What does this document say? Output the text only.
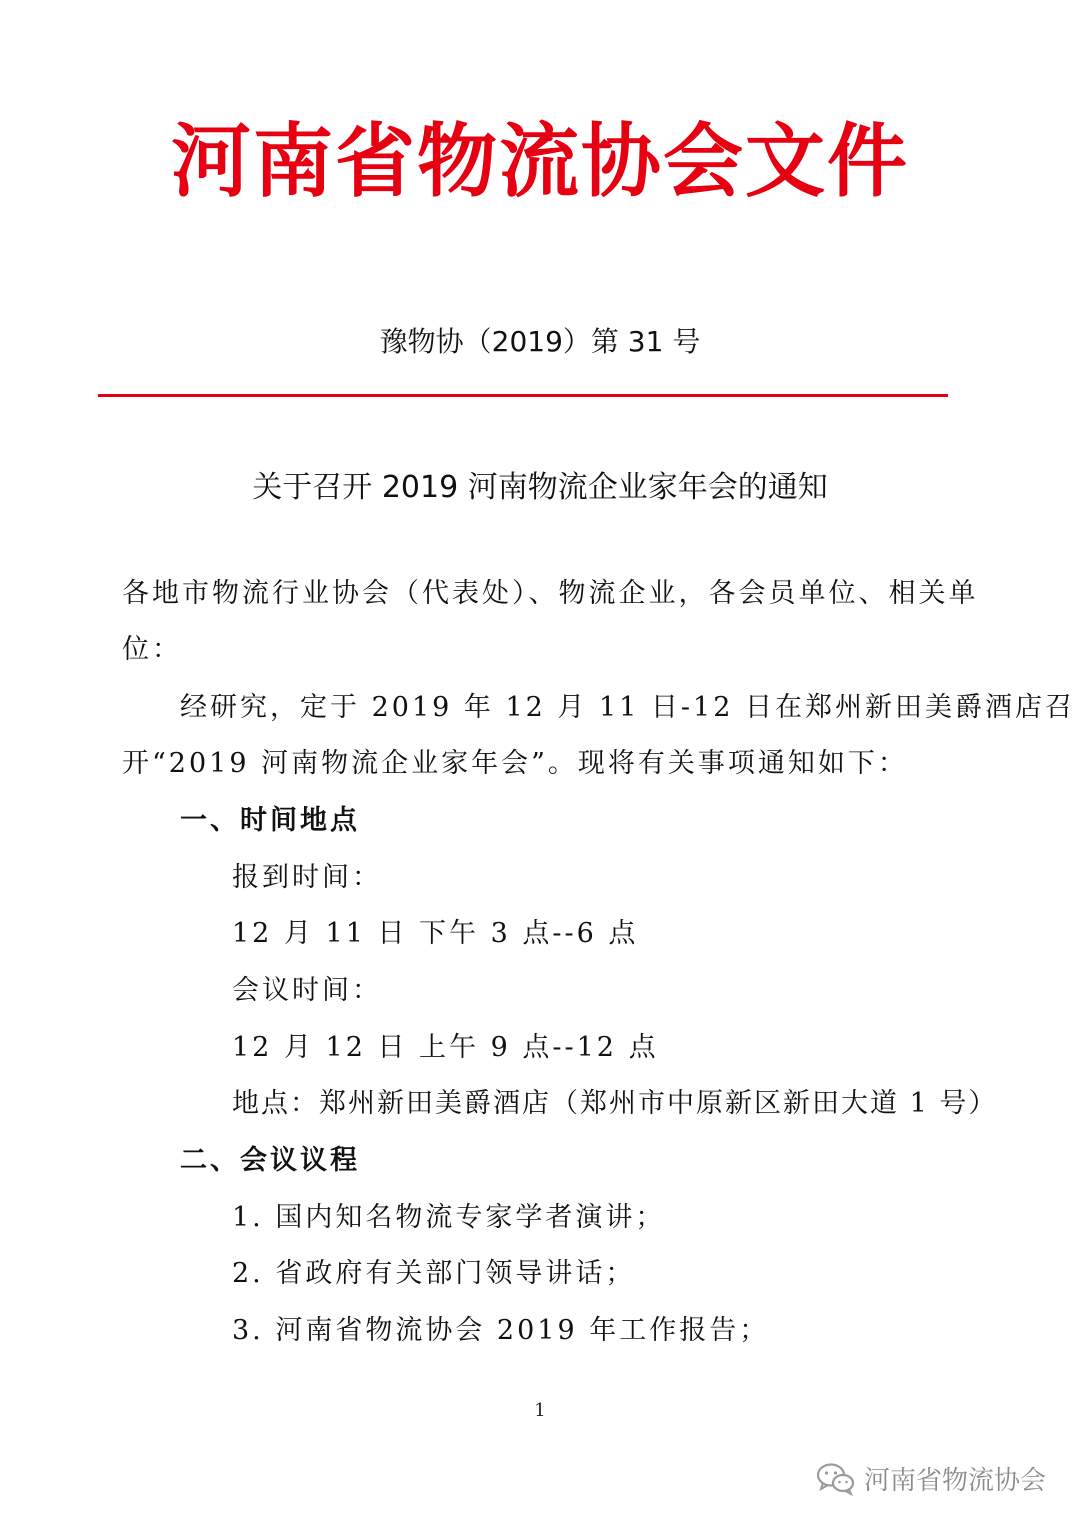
河南省物流协会文件
豫物协（2019）第 31 号
关于召开 2019 河南物流企业家年会的通知
各地市物流行业协会（代表处）、物流企业，各会员单位、相关单
位：
经研究，定于 2019 年 12 月 11 日-12 日在郑州新田美爵酒店召
开“2019 河南物流企业家年会”。现将有关事项通知如下：
一、时间地点
报到时间：
12 月 11 日 下午 3 点--6 点
会议时间：
12 月 12 日 上午 9 点--12 点
地点：郑州新田美爵酒店（郑州市中原新区新田大道 1 号）
二、会议议程
1. 国内知名物流专家学者演讲；
2. 省政府有关部门领导讲话；
3. 河南省物流协会 2019 年工作报告；
1
河南省物流协会
